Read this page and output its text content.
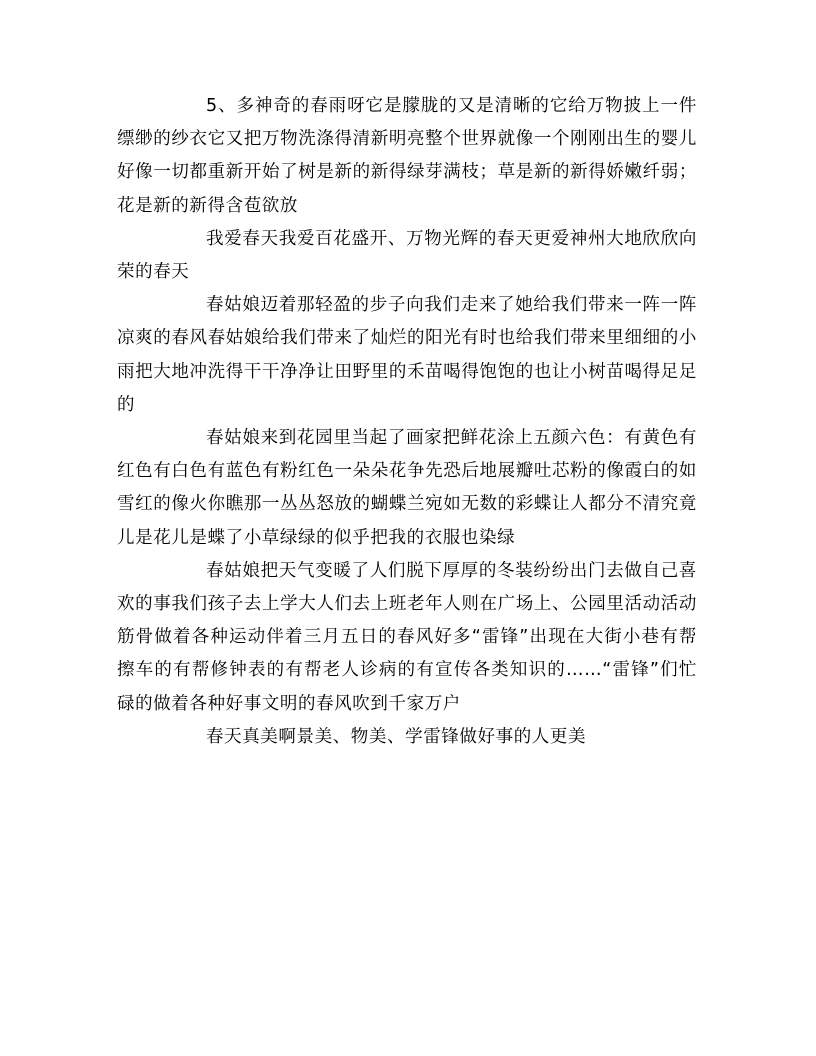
5、多神奇的春雨呀它是朦胧的又是清晰的它给万物披上一件缥缈的纱衣它又把万物洗涤得清新明亮整个世界就像一个刚刚出生的婴儿好像一切都重新开始了树是新的新得绿芽满枝；草是新的新得娇嫩纤弱；花是新的新得含苞欲放

我爱春天我爱百花盛开、万物光辉的春天更爱神州大地欣欣向荣的春天

春姑娘迈着那轻盈的步子向我们走来了她给我们带来一阵一阵凉爽的春风春姑娘给我们带来了灿烂的阳光有时也给我们带来里细细的小雨把大地冲洗得干干净净让田野里的禾苗喝得饱饱的也让小树苗喝得足足的

春姑娘来到花园里当起了画家把鲜花涂上五颜六色：有黄色有红色有白色有蓝色有粉红色一朵朵花争先恐后地展瓣吐芯粉的像霞白的如雪红的像火你瞧那一丛丛怒放的蝴蝶兰宛如无数的彩蝶让人都分不清究竟儿是花儿是蝶了小草绿绿的似乎把我的衣服也染绿

春姑娘把天气变暖了人们脱下厚厚的冬装纷纷出门去做自己喜欢的事我们孩子去上学大人们去上班老年人则在广场上、公园里活动活动筋骨做着各种运动伴着三月五日的春风好多“雷锋”出现在大街小巷有帮擦车的有帮修钟表的有帮老人诊病的有宣传各类知识的……“雷锋”们忙碌的做着各种好事文明的春风吹到千家万户

春天真美啊景美、物美、学雷锋做好事的人更美
